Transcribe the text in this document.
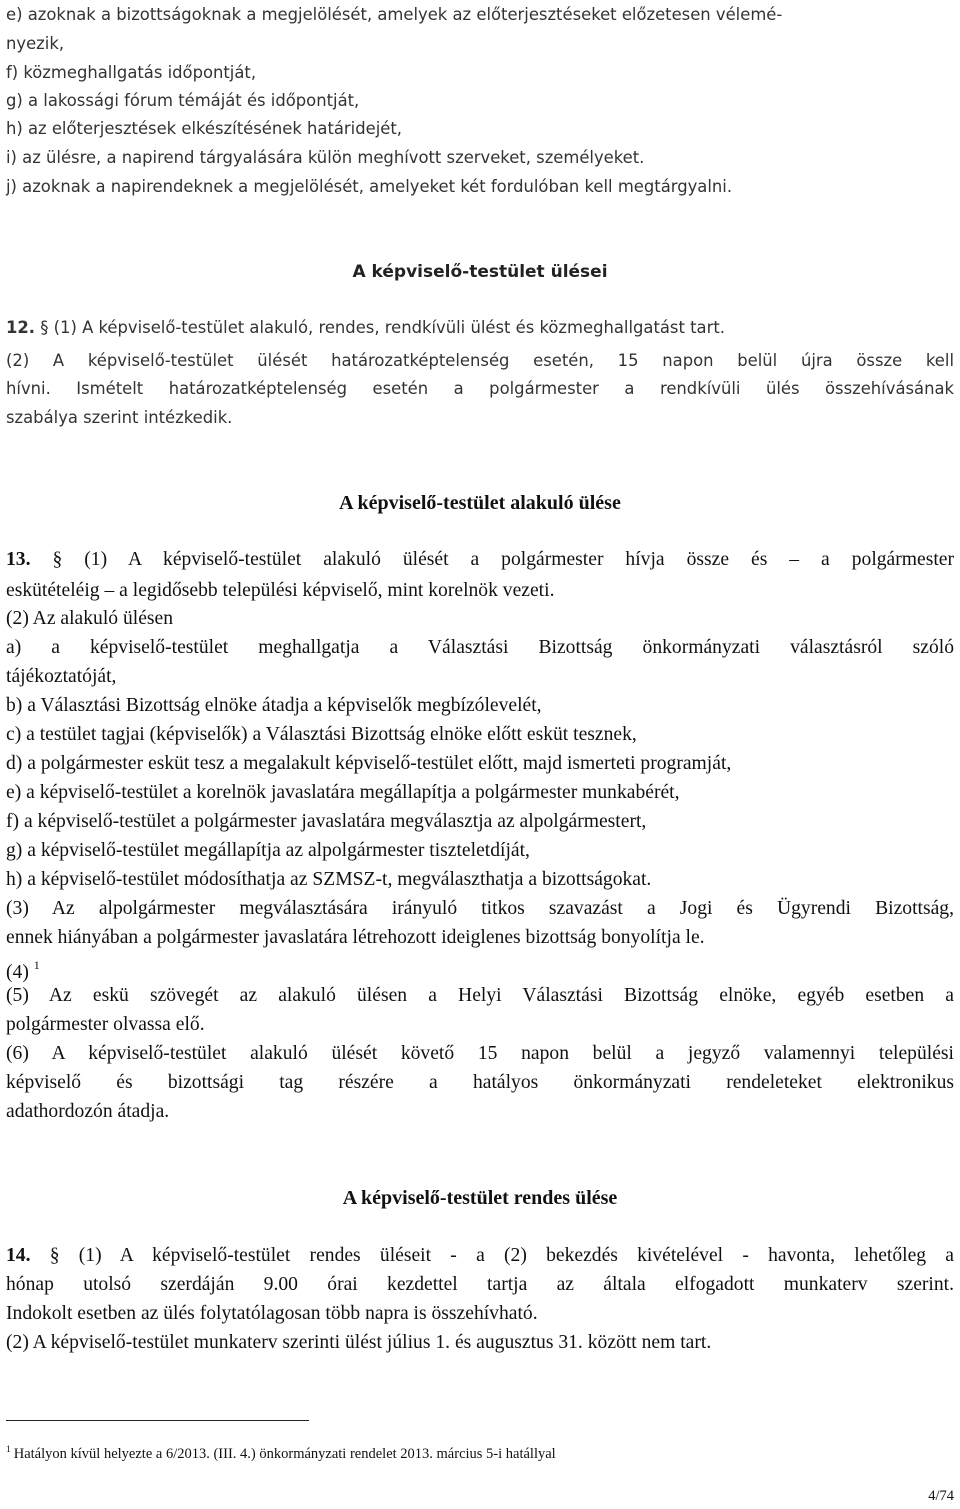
e) azoknak a bizottságoknak a megjelölését, amelyek az előterjesztéseket előzetesen vélemé-
nyezik,
f) közmeghallgatás időpontját,
g) a lakossági fórum témáját és időpontját,
h) az előterjesztések elkészítésének határidejét,
i) az ülésre, a napirend tárgyalására külön meghívott szerveket, személyeket.
j) azoknak a napirendeknek a megjelölését, amelyeket két fordulóban kell megtárgyalni.
A képviselő-testület ülései
12. § (1) A képviselő-testület alakuló, rendes, rendkívüli ülést és közmeghallgatást tart.
(2) A képviselő-testület ülését határozatképtelenség esetén, 15 napon belül újra össze kell
hívni. Ismételt határozatképtelenség esetén a polgármester a rendkívüli ülés összehívásának
szabálya szerint intézkedik.
A képviselő-testület alakuló ülése
13. § (1) A képviselő-testület alakuló ülését a polgármester hívja össze és – a polgármester
eskütételéig – a legidősebb települési képviselő, mint korelnök vezeti.
(2) Az alakuló ülésen
a) a képviselő-testület meghallgatja a Választási Bizottság önkormányzati választásról szóló
tájékoztatóját,
b) a Választási Bizottság elnöke átadja a képviselők megbízólevelét,
c) a testület tagjai (képviselők) a Választási Bizottság elnöke előtt esküt tesznek,
d) a polgármester esküt tesz a megalakult képviselő-testület előtt, majd ismerteti programját,
e) a képviselő-testület a korelnök javaslatára megállapítja a polgármester munkabérét,
f) a képviselő-testület a polgármester javaslatára megválasztja az alpolgármestert,
g) a képviselő-testület megállapítja az alpolgármester tiszteletdíját,
h) a képviselő-testület módosíthatja az SZMSZ-t, megválaszthatja a bizottságokat.
(3) Az alpolgármester megválasztására irányuló titkos szavazást a Jogi és Ügyrendi Bizottság,
ennek hiányában a polgármester javaslatára létrehozott ideiglenes bizottság bonyolítja le.
(4) $^1$
(5) Az eskü szövegét az alakuló ülésen a Helyi Választási Bizottság elnöke, egyéb esetben a
polgármester olvassa elő.
(6) A képviselő-testület alakuló ülését követő 15 napon belül a jegyző valamennyi települési
képviselő és bizottsági tag részére a hatályos önkormányzati rendeleteket elektronikus
adathordozón átadja.
A képviselő-testület rendes ülése
14. § (1) A képviselő-testület rendes üléseit - a (2) bekezdés kivételével - havonta, lehetőleg a
hónap utolsó szerdáján 9.00 órai kezdettel tartja az általa elfogadott munkaterv szerint.
Indokolt esetben az ülés folytatólagosan több napra is összehívható.
(2) A képviselő-testület munkaterv szerinti ülést július 1. és augusztus 31. között nem tart.
$^1$ Hatályon kívül helyezte a 6/2013. (III. 4.) önkormányzati rendelet 2013. március 5-i hatállyal
4/74
